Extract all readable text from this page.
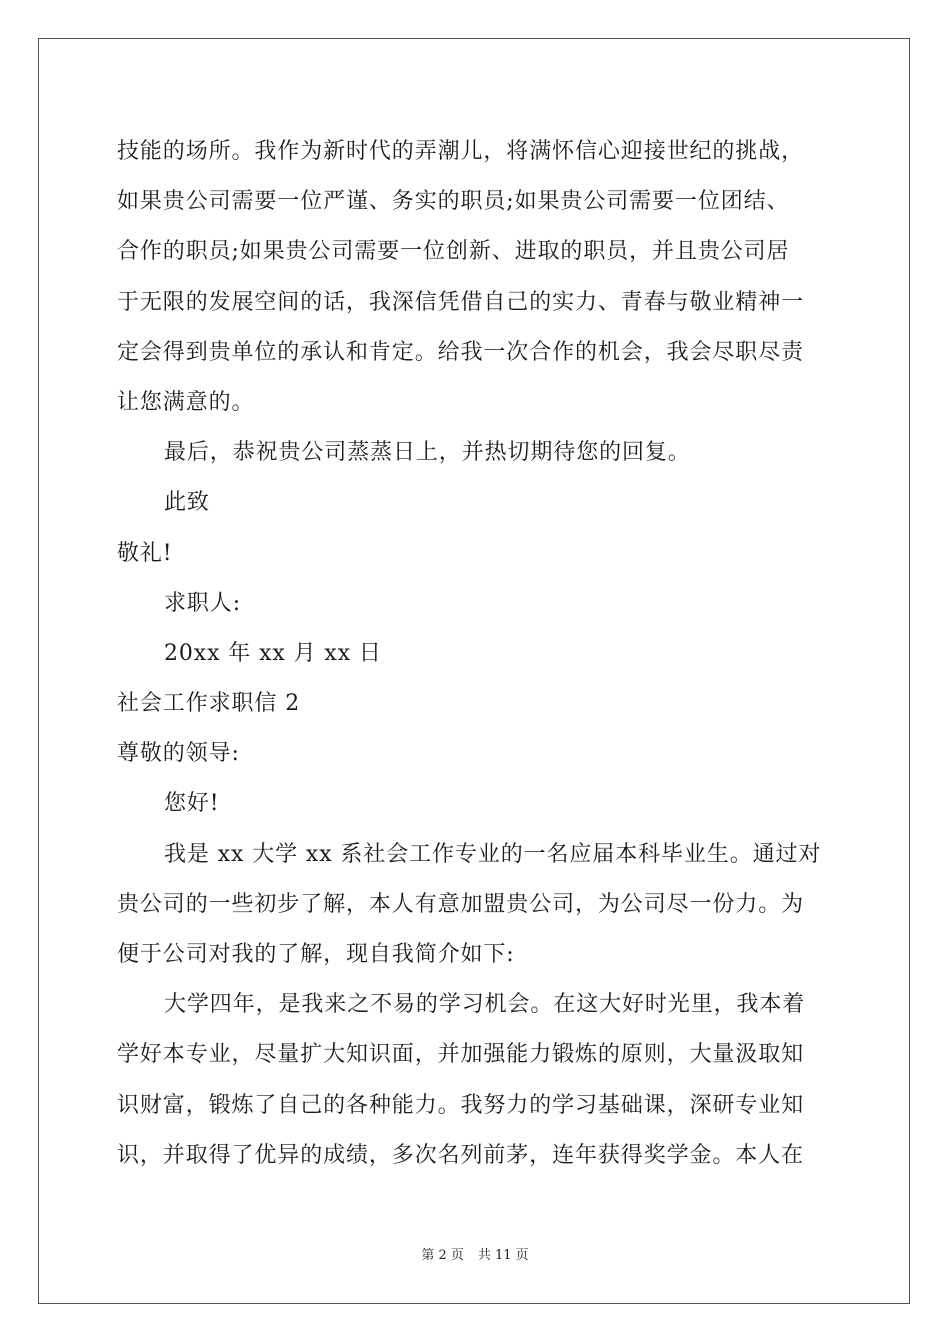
技能的场所。我作为新时代的弄潮儿，将满怀信心迎接世纪的挑战，
如果贵公司需要一位严谨、务实的职员;如果贵公司需要一位团结、
合作的职员;如果贵公司需要一位创新、进取的职员，并且贵公司居
于无限的发展空间的话，我深信凭借自己的实力、青春与敬业精神一
定会得到贵单位的承认和肯定。给我一次合作的机会，我会尽职尽责
让您满意的。
最后，恭祝贵公司蒸蒸日上，并热切期待您的回复。
此致
敬礼!
求职人:
20xx 年 xx 月 xx 日
社会工作求职信 2
尊敬的领导:
您好!
我是 xx 大学 xx 系社会工作专业的一名应届本科毕业生。通过对
贵公司的一些初步了解，本人有意加盟贵公司，为公司尽一份力。为
便于公司对我的了解，现自我简介如下:
大学四年，是我来之不易的学习机会。在这大好时光里，我本着
学好本专业，尽量扩大知识面，并加强能力锻炼的原则，大量汲取知
识财富，锻炼了自己的各种能力。我努力的学习基础课，深研专业知
识，并取得了优异的成绩，多次名列前茅，连年获得奖学金。本人在
第 2 页 共 11 页
